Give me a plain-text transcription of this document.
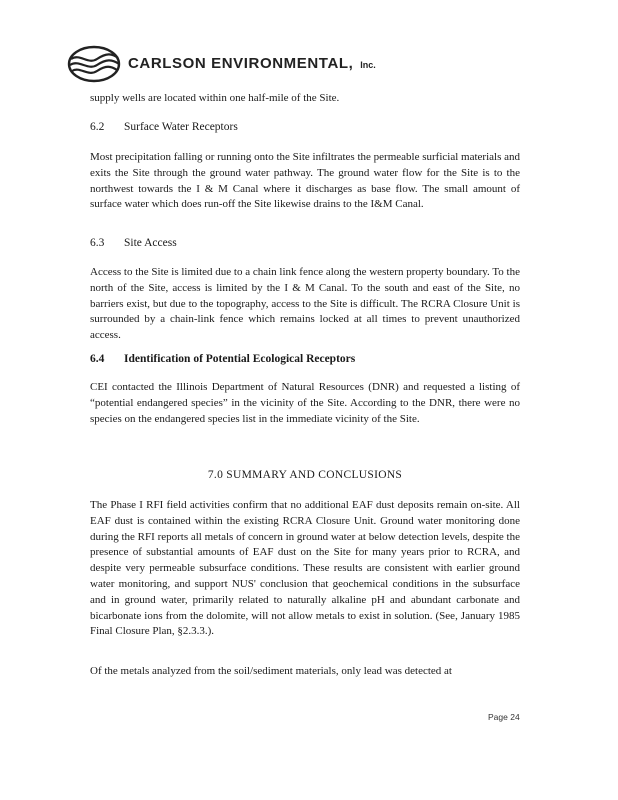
CARLSON ENVIRONMENTAL, Inc.
supply wells are located within one half-mile of the Site.
6.2 Surface Water Receptors
Most precipitation falling or running onto the Site infiltrates the permeable surficial materials and exits the Site through the ground water pathway. The ground water flow for the Site is to the northwest towards the I & M Canal where it discharges as base flow. The small amount of surface water which does run-off the Site likewise drains to the I&M Canal.
6.3 Site Access
Access to the Site is limited due to a chain link fence along the western property boundary. To the north of the Site, access is limited by the I & M Canal. To the south and east of the Site, no barriers exist, but due to the topography, access to the Site is difficult. The RCRA Closure Unit is surrounded by a chain-link fence which remains locked at all times to prevent unauthorized access.
6.4 Identification of Potential Ecological Receptors
CEI contacted the Illinois Department of Natural Resources (DNR) and requested a listing of “potential endangered species” in the vicinity of the Site. According to the DNR, there were no species on the endangered species list in the immediate vicinity of the Site.
7.0 SUMMARY AND CONCLUSIONS
The Phase I RFI field activities confirm that no additional EAF dust deposits remain on-site. All EAF dust is contained within the existing RCRA Closure Unit. Ground water monitoring done during the RFI reports all metals of concern in ground water at below detection levels, despite the presence of substantial amounts of EAF dust on the Site for many years prior to RCRA, and despite very permeable subsurface conditions. These results are consistent with earlier ground water monitoring, and support NUS' conclusion that geochemical conditions in the subsurface and in ground water, primarily related to naturally alkaline pH and abundant carbonate and bicarbonate ions from the dolomite, will not allow metals to exist in solution. (See, January 1985 Final Closure Plan, §2.3.3.).
Of the metals analyzed from the soil/sediment materials, only lead was detected at
Page 24
